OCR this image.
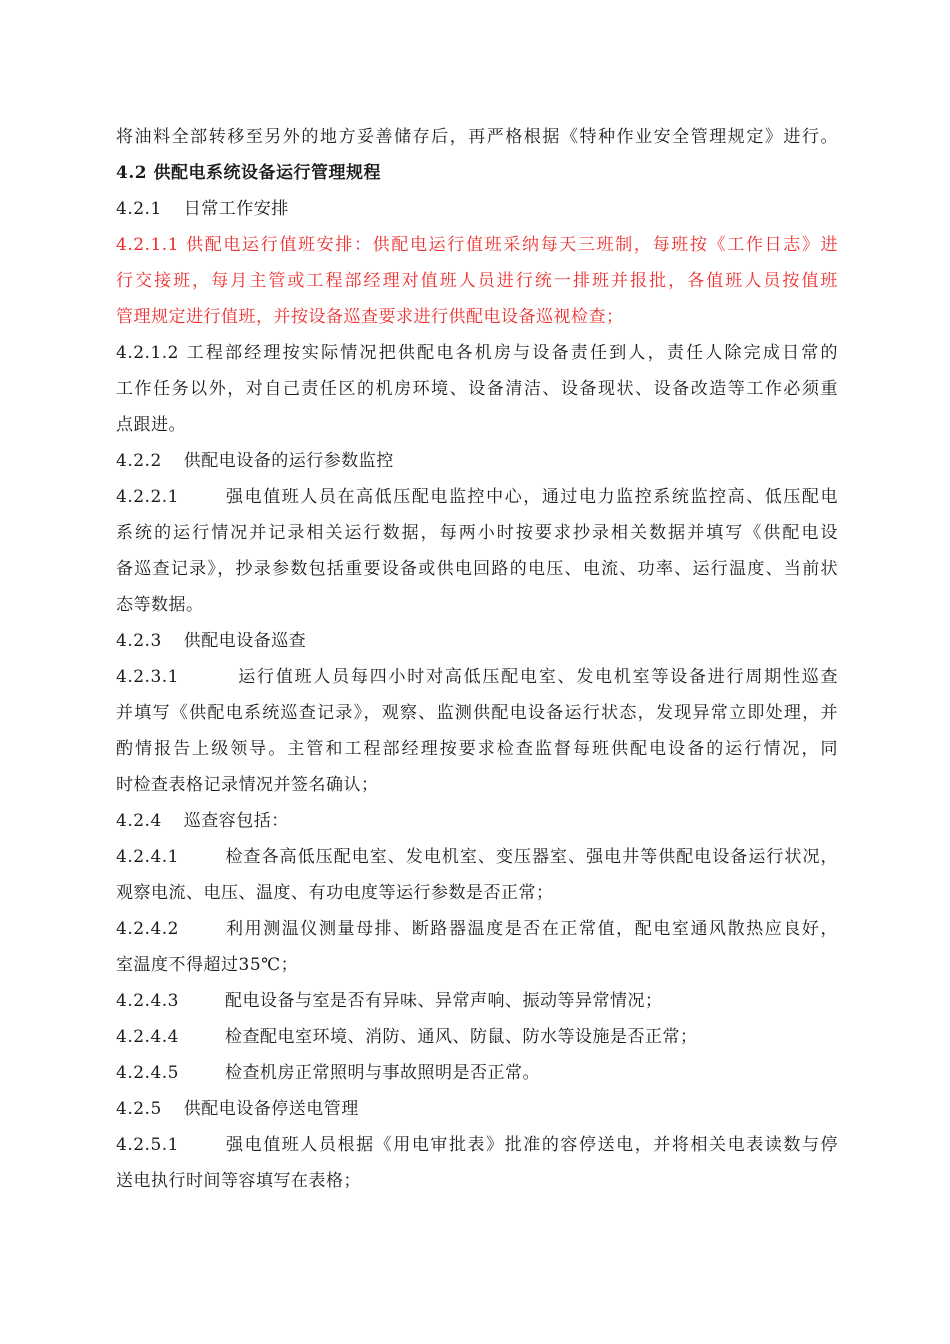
将油料全部转移至另外的地方妥善储存后，再严格根据《特种作业安全管理规定》进行。
4.2 供配电系统设备运行管理规程
4.2.1 日常工作安排
4.2.1.1 供配电运行值班安排：供配电运行值班采纳每天三班制，每班按《工作日志》进
行交接班，每月主管或工程部经理对值班人员进行统一排班并报批，各值班人员按值班
管理规定进行值班，并按设备巡查要求进行供配电设备巡视检查；
4.2.1.2 工程部经理按实际情况把供配电各机房与设备责任到人，责任人除完成日常的
工作任务以外，对自己责任区的机房环境、设备清洁、设备现状、设备改造等工作必须重
点跟进。
4.2.2 供配电设备的运行参数监控
4.2.2.1	强电值班人员在高低压配电监控中心，通过电力监控系统监控高、低压配电
系统的运行情况并记录相关运行数据，每两小时按要求抄录相关数据并填写《供配电设
备巡查记录》，抄录参数包括重要设备或供电回路的电压、电流、功率、运行温度、当前状
态等数据。
4.2.3 供配电设备巡查
4.2.3.1	运行值班人员每四小时对高低压配电室、发电机室等设备进行周期性巡查
并填写《供配电系统巡查记录》，观察、监测供配电设备运行状态，发现异常立即处理，并
酌情报告上级领导。主管和工程部经理按要求检查监督每班供配电设备的运行情况，同
时检查表格记录情况并签名确认；
4.2.4 巡查容包括：
4.2.4.1	检查各高低压配电室、发电机室、变压器室、强电井等供配电设备运行状况，
观察电流、电压、温度、有功电度等运行参数是否正常；
4.2.4.2	利用测温仪测量母排、断路器温度是否在正常值，配电室通风散热应良好，
室温度不得超过35℃；
4.2.4.3	配电设备与室是否有异味、异常声响、振动等异常情况；
4.2.4.4	检查配电室环境、消防、通风、防鼠、防水等设施是否正常；
4.2.4.5	检查机房正常照明与事故照明是否正常。
4.2.5 供配电设备停送电管理
4.2.5.1	强电值班人员根据《用电审批表》批准的容停送电，并将相关电表读数与停
送电执行时间等容填写在表格；
